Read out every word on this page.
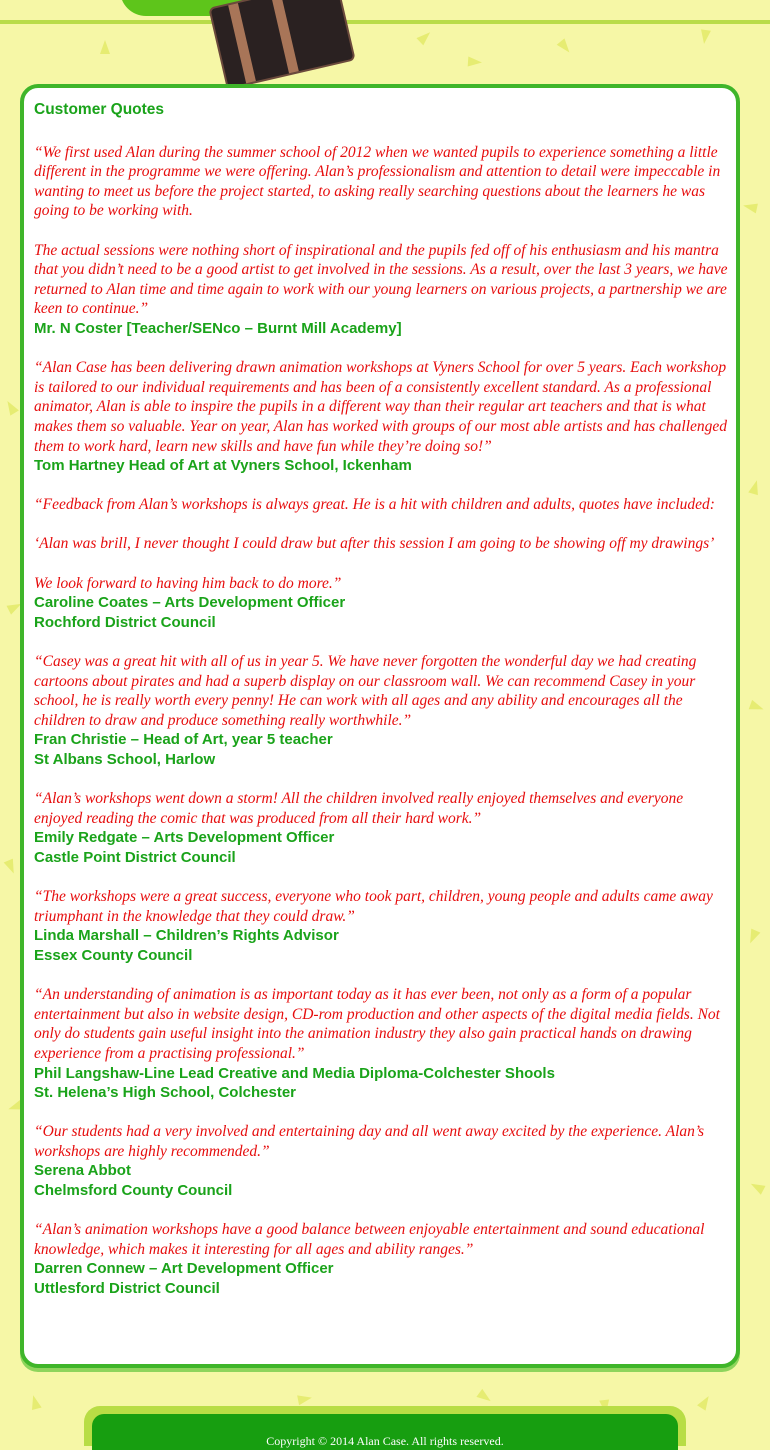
Customer Quotes

“We first used Alan during the summer school of 2012 when we wanted pupils to experience something a little different in the programme we were offering. Alan’s professionalism and attention to detail were impeccable in wanting to meet us before the project started, to asking really searching questions about the learners he was going to be working with.

The actual sessions were nothing short of inspirational and the pupils fed off of his enthusiasm and his mantra that you didn’t need to be a good artist to get involved in the sessions. As a result, over the last 3 years, we have returned to Alan time and time again to work with our young learners on various projects, a partnership we are keen to continue.”

Mr. N Coster [Teacher/SENco – Burnt Mill Academy]

“Alan Case has been delivering drawn animation workshops at Vyners School for over 5 years. Each workshop is tailored to our individual requirements and has been of a consistently excellent standard. As a professional animator, Alan is able to inspire the pupils in a different way than their regular art teachers and that is what makes them so valuable. Year on year, Alan has worked with groups of our most able artists and has challenged them to work hard, learn new skills and have fun while they’re doing so!”

Tom Hartney Head of Art at Vyners School, Ickenham

“Feedback from Alan’s workshops is always great. He is a hit with children and adults, quotes have included:

‘Alan was brill, I never thought I could draw but after this session I am going to be showing off my drawings’

We look forward to having him back to do more.”

Caroline Coates – Arts Development Officer

Rochford District Council

“Casey was a great hit with all of us in year 5. We have never forgotten the wonderful day we had creating cartoons about pirates and had a superb display on our classroom wall. We can recommend Casey in your school, he is really worth every penny! He can work with all ages and any ability and encourages all the children to draw and produce something really worthwhile.”

Fran Christie – Head of Art, year 5 teacher

St Albans School, Harlow

“Alan’s workshops went down a storm! All the children involved really enjoyed themselves and everyone enjoyed reading the comic that was produced from all their hard work.”

Emily Redgate – Arts Development Officer

Castle Point District Council

“The workshops were a great success, everyone who took part, children, young people and adults came away triumphant in the knowledge that they could draw.”

Linda Marshall – Children’s Rights Advisor

Essex County Council

“An understanding of animation is as important today as it has ever been, not only as a form of a popular entertainment but also in website design, CD-rom production and other aspects of the digital media fields. Not only do students gain useful insight into the animation industry they also gain practical hands on drawing experience from a practising professional.”

Phil Langshaw-Line Lead Creative and Media Diploma-Colchester Shools

St. Helena’s High School, Colchester

“Our students had a very involved and entertaining day and all went away excited by the experience. Alan’s workshops are highly recommended.”

Serena Abbot

Chelmsford County Council

“Alan’s animation workshops have a good balance between enjoyable entertainment and sound educational knowledge, which makes it interesting for all ages and ability ranges.”

Darren Connew – Art Development Officer

Uttlesford District Council

Copyright © 2014 Alan Case. All rights reserved.
